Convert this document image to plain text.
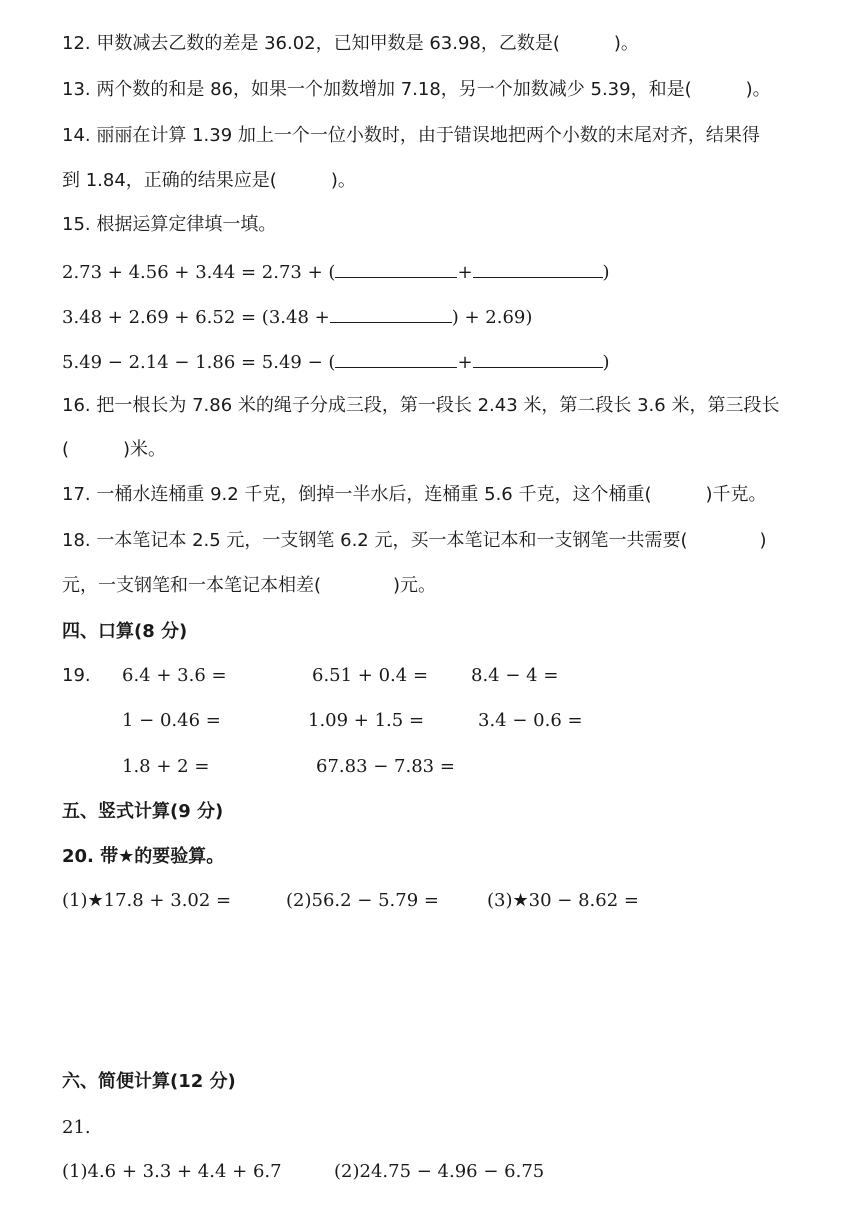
12. 甲数减去乙数的差是 36.02，已知甲数是 63.98，乙数是(　　　)。
13. 两个数的和是 86，如果一个加数增加 7.18，另一个加数减少 5.39，和是(　　　)。
14. 丽丽在计算 1.39 加上一个一位小数时，由于错误地把两个小数的末尾对齐，结果得
到 1.84，正确的结果应是(　　　)。
15. 根据运算定律填一填。
2.73 + 4.56 + 3.44 = 2.73 + (	+	)
3.48 + 2.69 + 6.52 = (3.48 +	) + 2.69)
5.49 − 2.14 − 1.86 = 5.49 − (	+	)
16. 把一根长为 7.86 米的绳子分成三段，第一段长 2.43 米，第二段长 3.6 米，第三段长
(　　　)米。
17. 一桶水连桶重 9.2 千克，倒掉一半水后，连桶重 5.6 千克，这个桶重(　　　)千克。
18. 一本笔记本 2.5 元，一支钢笔 6.2 元，买一本笔记本和一支钢笔一共需要(　　　　)
元，一支钢笔和一本笔记本相差(　　　　)元。
四、口算(8 分)
19. 6.4 + 3.6 =	6.51 + 0.4 = 8.4 − 4 =
1 − 0.46 =	1.09 + 1.5 =	3.4 − 0.6 =
1.8 + 2 =	67.83 − 7.83 =
五、竖式计算(9 分)
20. 带★的要验算。
(1)★17.8 + 3.02 =	(2)56.2 − 5.79 =	(3)★30 − 8.62 =
六、简便计算(12 分)
21.
(1)4.6 + 3.3 + 4.4 + 6.7	(2)24.75 − 4.96 − 6.75
